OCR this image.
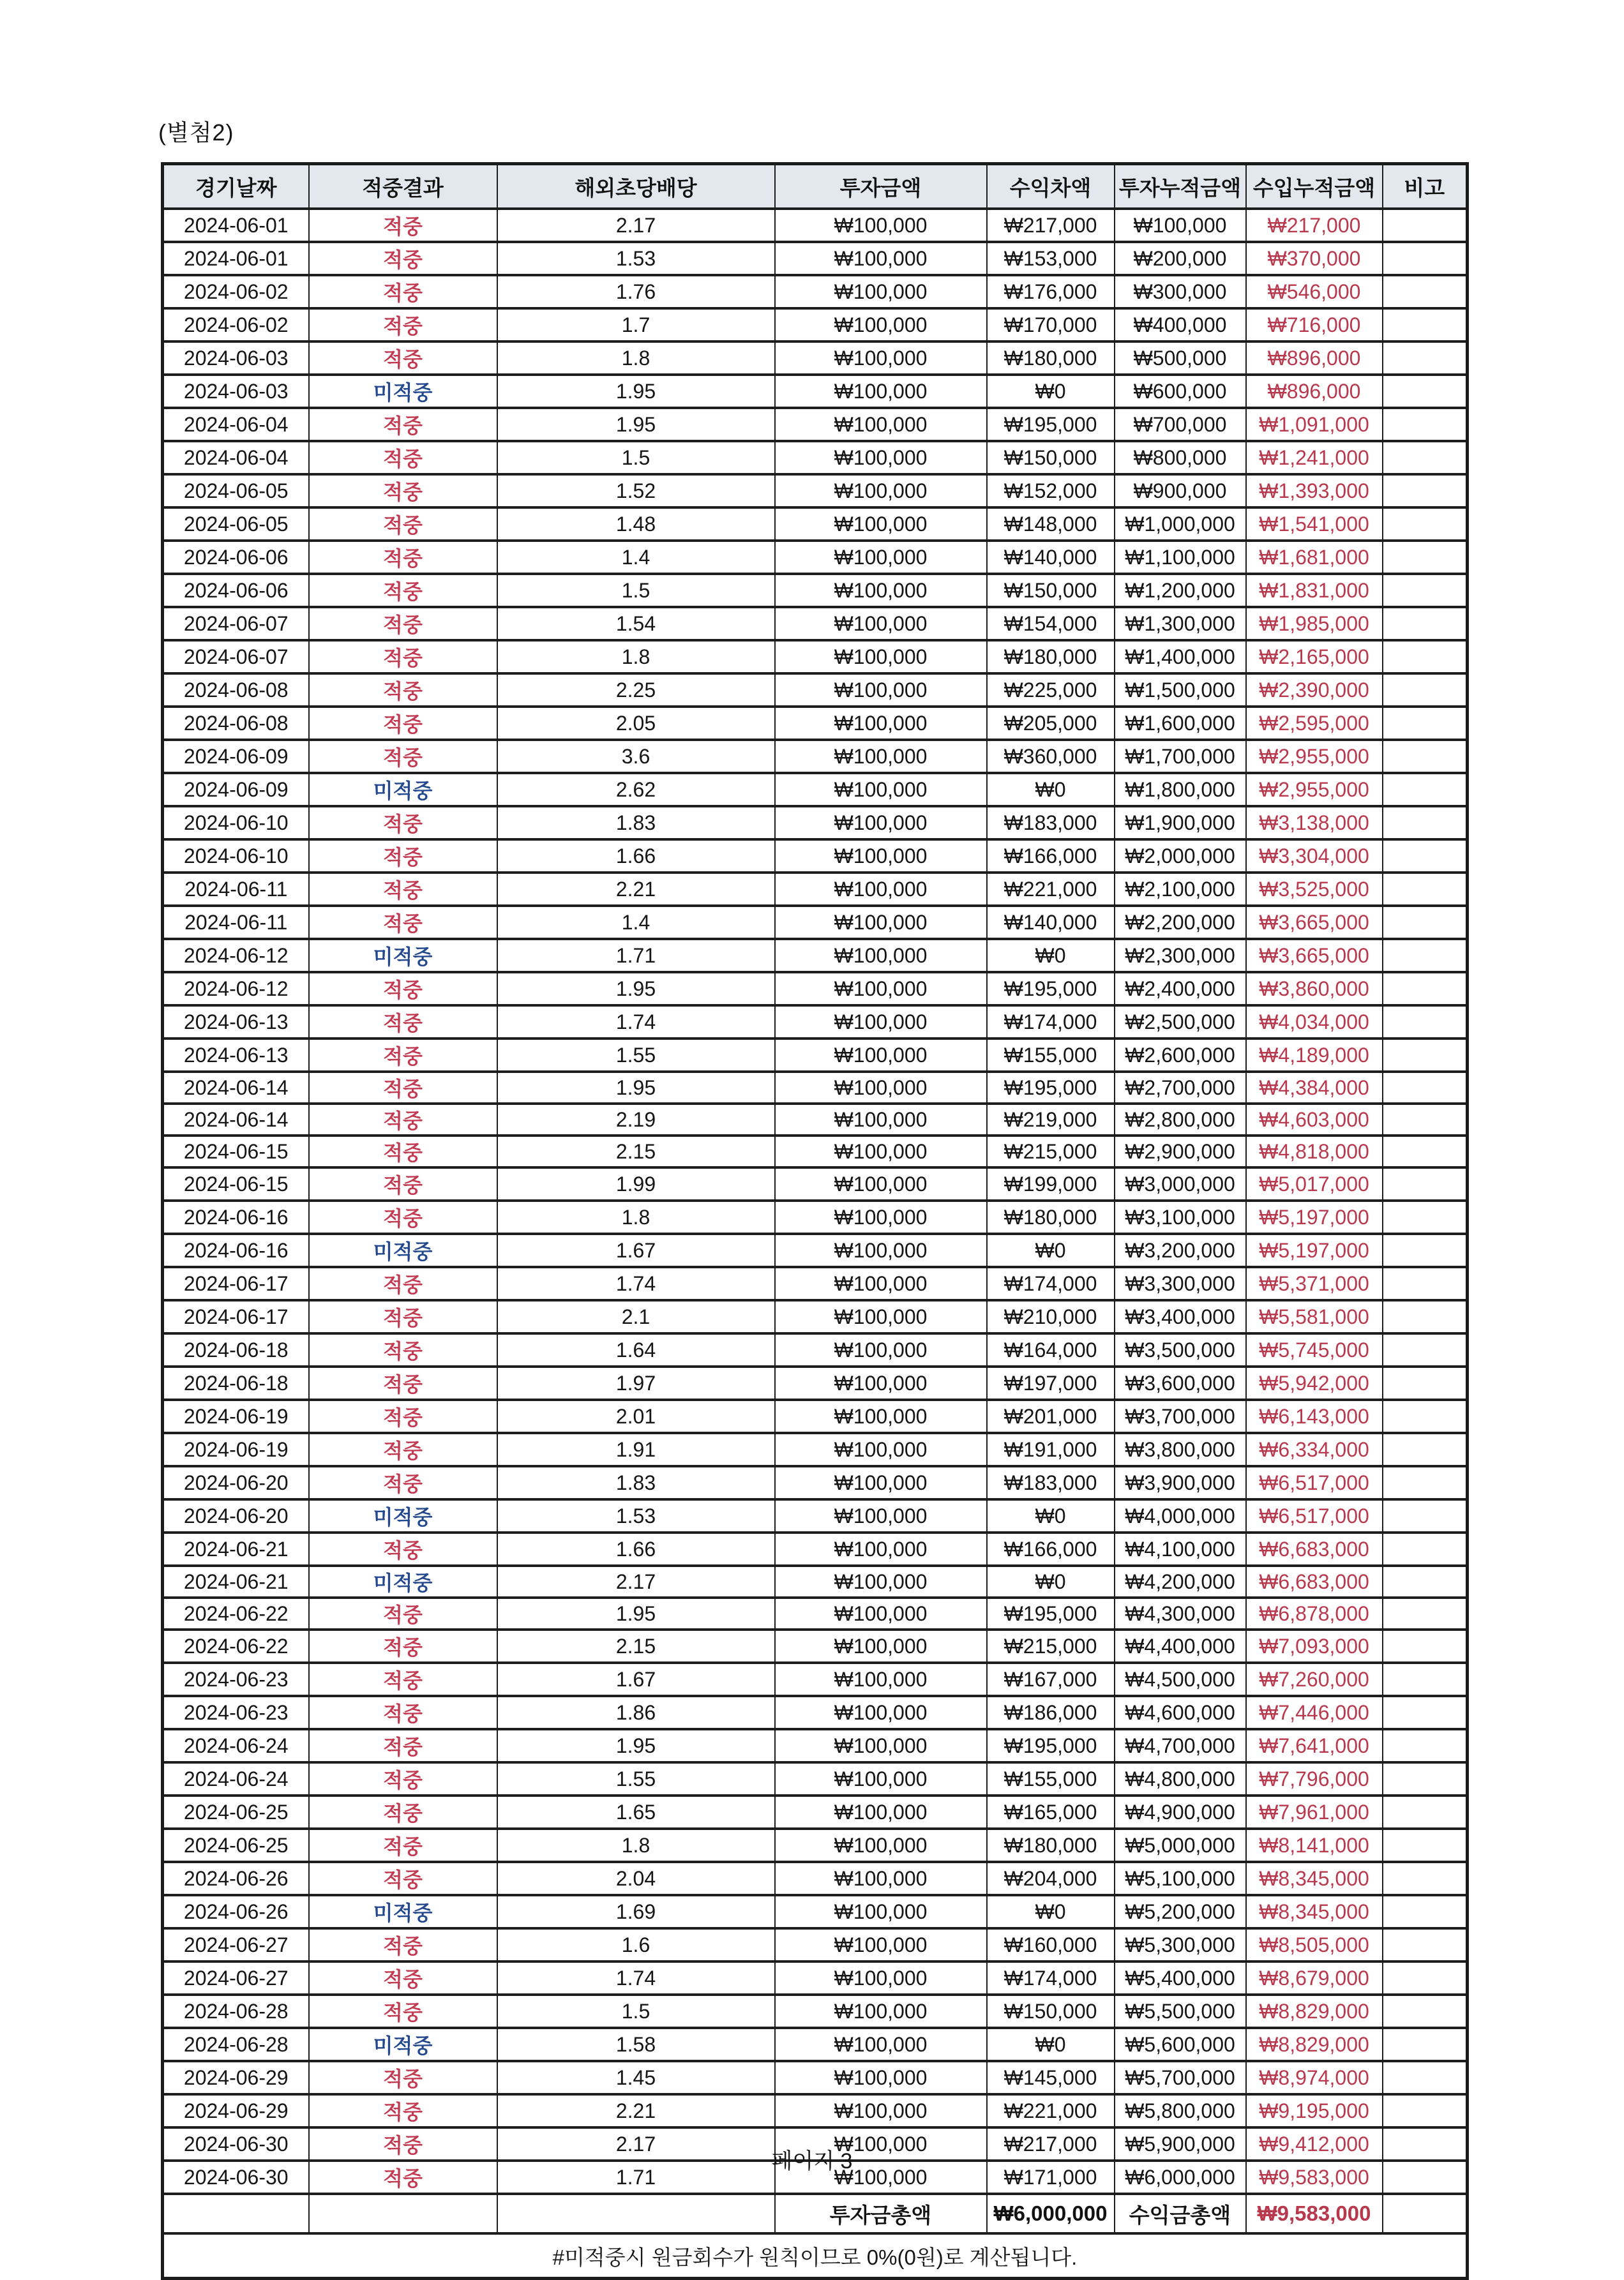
(별첨2)
경기날짜	적중결과	해외초당배당	투자금액	수익차액	투자누적금액	수입누적금액	비고
2024-06-01	적중	2.17	₩100,000	₩217,000	₩100,000	₩217,000	
2024-06-01	적중	1.53	₩100,000	₩153,000	₩200,000	₩370,000	
2024-06-02	적중	1.76	₩100,000	₩176,000	₩300,000	₩546,000	
2024-06-02	적중	1.7	₩100,000	₩170,000	₩400,000	₩716,000	
2024-06-03	적중	1.8	₩100,000	₩180,000	₩500,000	₩896,000	
2024-06-03	미적중	1.95	₩100,000	₩0	₩600,000	₩896,000	
2024-06-04	적중	1.95	₩100,000	₩195,000	₩700,000	₩1,091,000	
2024-06-04	적중	1.5	₩100,000	₩150,000	₩800,000	₩1,241,000	
2024-06-05	적중	1.52	₩100,000	₩152,000	₩900,000	₩1,393,000	
2024-06-05	적중	1.48	₩100,000	₩148,000	₩1,000,000	₩1,541,000	
2024-06-06	적중	1.4	₩100,000	₩140,000	₩1,100,000	₩1,681,000	
2024-06-06	적중	1.5	₩100,000	₩150,000	₩1,200,000	₩1,831,000	
2024-06-07	적중	1.54	₩100,000	₩154,000	₩1,300,000	₩1,985,000	
2024-06-07	적중	1.8	₩100,000	₩180,000	₩1,400,000	₩2,165,000	
2024-06-08	적중	2.25	₩100,000	₩225,000	₩1,500,000	₩2,390,000	
2024-06-08	적중	2.05	₩100,000	₩205,000	₩1,600,000	₩2,595,000	
2024-06-09	적중	3.6	₩100,000	₩360,000	₩1,700,000	₩2,955,000	
2024-06-09	미적중	2.62	₩100,000	₩0	₩1,800,000	₩2,955,000	
2024-06-10	적중	1.83	₩100,000	₩183,000	₩1,900,000	₩3,138,000	
2024-06-10	적중	1.66	₩100,000	₩166,000	₩2,000,000	₩3,304,000	
2024-06-11	적중	2.21	₩100,000	₩221,000	₩2,100,000	₩3,525,000	
2024-06-11	적중	1.4	₩100,000	₩140,000	₩2,200,000	₩3,665,000	
2024-06-12	미적중	1.71	₩100,000	₩0	₩2,300,000	₩3,665,000	
2024-06-12	적중	1.95	₩100,000	₩195,000	₩2,400,000	₩3,860,000	
2024-06-13	적중	1.74	₩100,000	₩174,000	₩2,500,000	₩4,034,000	
2024-06-13	적중	1.55	₩100,000	₩155,000	₩2,600,000	₩4,189,000	
2024-06-14	적중	1.95	₩100,000	₩195,000	₩2,700,000	₩4,384,000	
2024-06-14	적중	2.19	₩100,000	₩219,000	₩2,800,000	₩4,603,000	
2024-06-15	적중	2.15	₩100,000	₩215,000	₩2,900,000	₩4,818,000	
2024-06-15	적중	1.99	₩100,000	₩199,000	₩3,000,000	₩5,017,000	
2024-06-16	적중	1.8	₩100,000	₩180,000	₩3,100,000	₩5,197,000	
2024-06-16	미적중	1.67	₩100,000	₩0	₩3,200,000	₩5,197,000	
2024-06-17	적중	1.74	₩100,000	₩174,000	₩3,300,000	₩5,371,000	
2024-06-17	적중	2.1	₩100,000	₩210,000	₩3,400,000	₩5,581,000	
2024-06-18	적중	1.64	₩100,000	₩164,000	₩3,500,000	₩5,745,000	
2024-06-18	적중	1.97	₩100,000	₩197,000	₩3,600,000	₩5,942,000	
2024-06-19	적중	2.01	₩100,000	₩201,000	₩3,700,000	₩6,143,000	
2024-06-19	적중	1.91	₩100,000	₩191,000	₩3,800,000	₩6,334,000	
2024-06-20	적중	1.83	₩100,000	₩183,000	₩3,900,000	₩6,517,000	
2024-06-20	미적중	1.53	₩100,000	₩0	₩4,000,000	₩6,517,000	
2024-06-21	적중	1.66	₩100,000	₩166,000	₩4,100,000	₩6,683,000	
2024-06-21	미적중	2.17	₩100,000	₩0	₩4,200,000	₩6,683,000	
2024-06-22	적중	1.95	₩100,000	₩195,000	₩4,300,000	₩6,878,000	
2024-06-22	적중	2.15	₩100,000	₩215,000	₩4,400,000	₩7,093,000	
2024-06-23	적중	1.67	₩100,000	₩167,000	₩4,500,000	₩7,260,000	
2024-06-23	적중	1.86	₩100,000	₩186,000	₩4,600,000	₩7,446,000	
2024-06-24	적중	1.95	₩100,000	₩195,000	₩4,700,000	₩7,641,000	
2024-06-24	적중	1.55	₩100,000	₩155,000	₩4,800,000	₩7,796,000	
2024-06-25	적중	1.65	₩100,000	₩165,000	₩4,900,000	₩7,961,000	
2024-06-25	적중	1.8	₩100,000	₩180,000	₩5,000,000	₩8,141,000	
2024-06-26	적중	2.04	₩100,000	₩204,000	₩5,100,000	₩8,345,000	
2024-06-26	미적중	1.69	₩100,000	₩0	₩5,200,000	₩8,345,000	
2024-06-27	적중	1.6	₩100,000	₩160,000	₩5,300,000	₩8,505,000	
2024-06-27	적중	1.74	₩100,000	₩174,000	₩5,400,000	₩8,679,000	
2024-06-28	적중	1.5	₩100,000	₩150,000	₩5,500,000	₩8,829,000	
2024-06-28	미적중	1.58	₩100,000	₩0	₩5,600,000	₩8,829,000	
2024-06-29	적중	1.45	₩100,000	₩145,000	₩5,700,000	₩8,974,000	
2024-06-29	적중	2.21	₩100,000	₩221,000	₩5,800,000	₩9,195,000	
2024-06-30	적중	2.17	₩100,000	₩217,000	₩5,900,000	₩9,412,000	
2024-06-30	적중	1.71	₩100,000	₩171,000	₩6,000,000	₩9,583,000	
			투자금총액	₩6,000,000	수익금총액	₩9,583,000	
#미적중시 원금회수가 원칙이므로 0%(0원)로 계산됩니다.							
페이지 3
